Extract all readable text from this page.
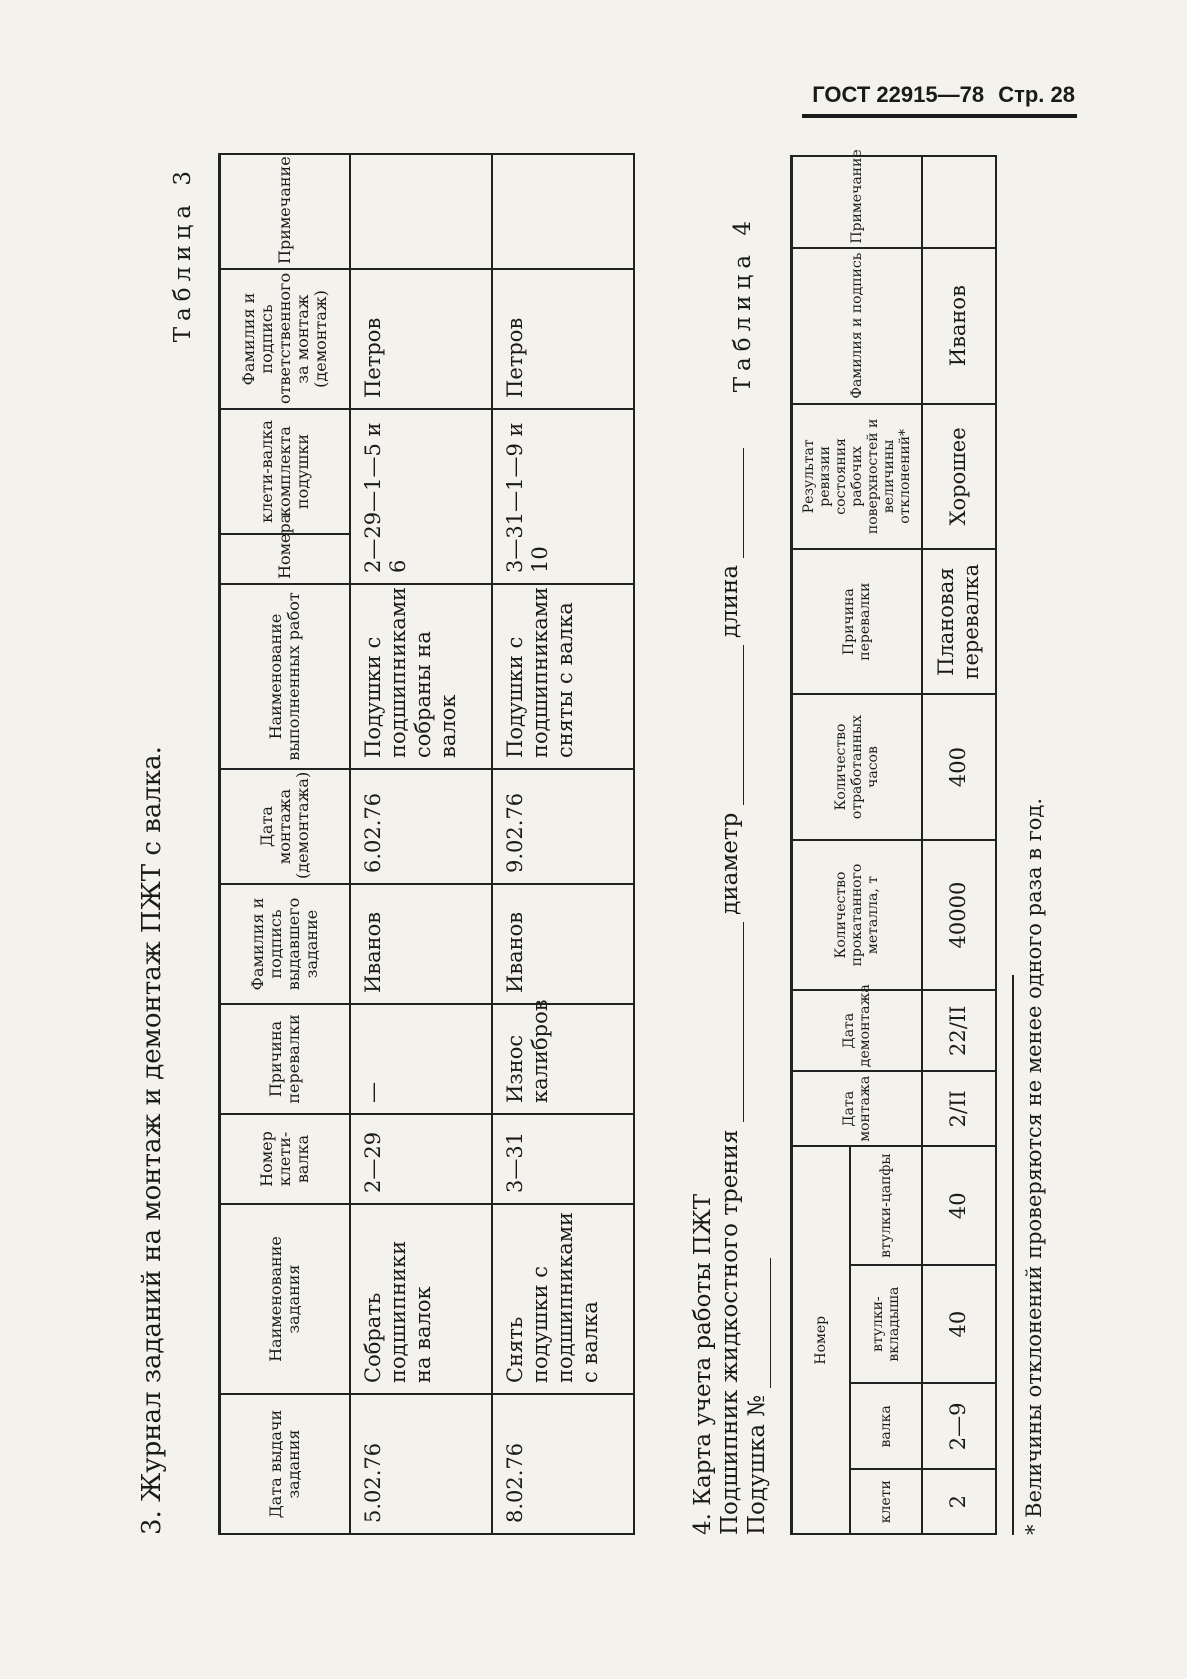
ГОСТ 22915—78 Стр. 28
3. Журнал заданий на монтаж и демонтаж ПЖТ с валка.
Таблица 3
Дата выдачи задания	Наименование задания	Номер клети-валка	Причина перевалки	Фамилия и подпись выдавшего задание	Дата монтажа (демонтажа)	Наименование выполненных работ	Номера	клети-валка комплекта подушки	Фамилия и подпись ответственного за монтаж (демонтаж)	Примечание
5.02.76	Собрать подшипники на валок	2—29	—	Иванов	6.02.76	Подушки с подшипниками собраны на валок	2—29—1—5 и 6		Петров	
8.02.76	Снять подушки с подшипниками с валка	3—31	Износ калибров	Иванов	9.02.76	Подушки с подшипниками сняты с валка	3—31—1—9 и 10		Петров	
4. Карта учета работы ПЖТ Подшипник жидкостного трения  диаметр  длина
Подушка №
Таблица 4
Номер				Дата монтажа	Дата демонтажа	Количество прокатанного металла, т	Количество отработанных часов	Причина перевалки	Результат ревизии состояния рабочих поверхностей и величины отклонений*	Фамилия и подпись	Примечание
клети	валка	втулки-вкладыша	втулки-цапфы								
2	2—9	40	40	2/II	22/II	40000	400	Плановая перевалка	Хорошее	Иванов	
* Величины отклонений проверяются не менее одного раза в год.
